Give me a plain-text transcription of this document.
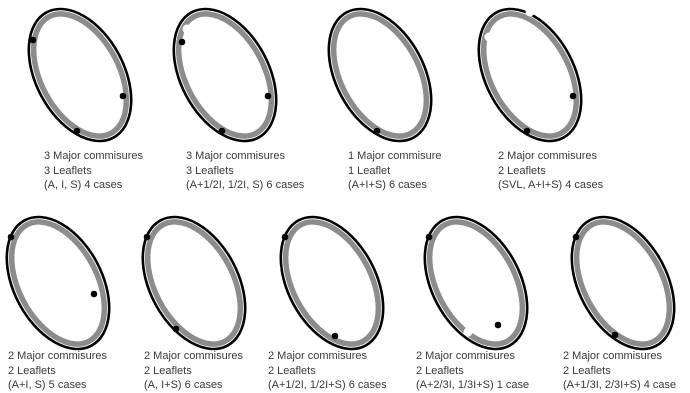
3 Major commisures
3 Leaflets
(A, I, S) 4 cases
3 Major commisures
3 Leaflets
(A+1/2I, 1/2I, S) 6 cases
1 Major commisure
1 Leaflet
(A+I+S) 6 cases
2 Major commisures
2 Leaflets
(SVL, A+I+S) 4 cases
2 Major commisures
2 Leaflets
(A+I, S) 5 cases
2 Major commisures
2 Leaflets
(A, I+S) 6 cases
2 Major commisures
2 Leaflets
(A+1/2I, 1/2I+S) 6 cases
2 Major commisures
2 Leaflets
(A+2/3I, 1/3I+S) 1 case
2 Major commisures
2 Leaflets
(A+1/3I, 2/3I+S) 4 case
